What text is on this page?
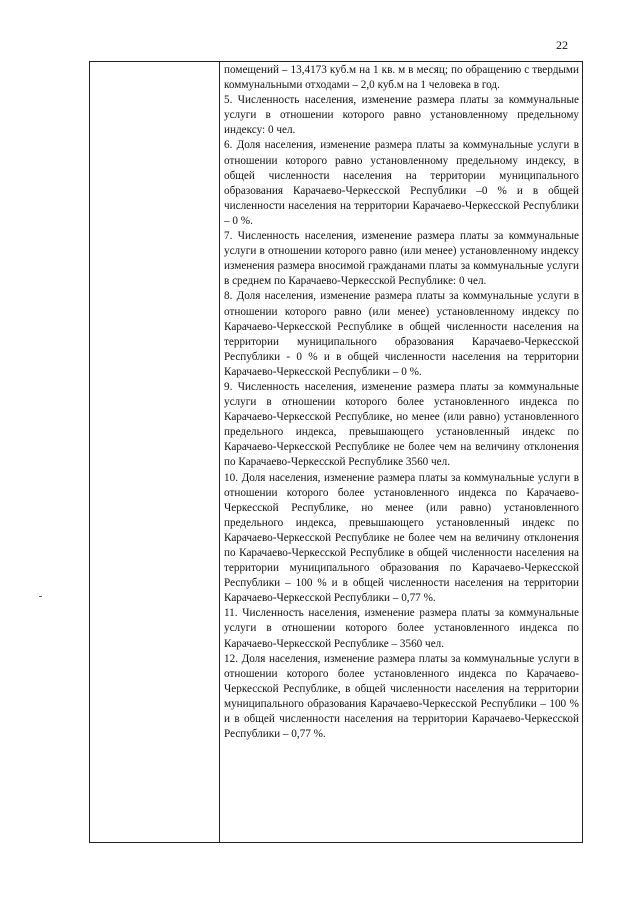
22

помещений – 13,4173 куб.м на 1 кв. м в месяц; по обращению с твердыми коммунальными отходами – 2,0 куб.м на 1 человека в год.

5. Численность населения, изменение размера платы за коммунальные услуги в отношении которого равно установленному предельному индексу: 0 чел.

6. Доля населения, изменение размера платы за коммунальные услуги в отношении которого равно установленному предельному индексу, в общей численности населения на территории муниципального образования Карачаево-Черкесской Республики –0 % и в общей численности населения на территории Карачаево-Черкесской Республики – 0 %.

7. Численность населения, изменение размера платы за коммунальные услуги в отношении которого равно (или менее) установленному индексу изменения размера вносимой гражданами платы за коммунальные услуги в среднем по Карачаево-Черкесской Республике: 0 чел.

8. Доля населения, изменение размера платы за коммунальные услуги в отношении которого равно (или менее) установленному индексу по Карачаево-Черкесской Республике в общей численности населения на территории муниципального образования Карачаево-Черкесской Республики - 0 % и в общей численности населения на территории Карачаево-Черкесской Республики – 0 %.

9. Численность населения, изменение размера платы за коммунальные услуги в отношении которого более установленного индекса по Карачаево-Черкесской Республике, но менее (или равно) установленного предельного индекса, превышающего установленный индекс по Карачаево-Черкесской Республике не более чем на величину отклонения по Карачаево-Черкесской Республике 3560 чел.

10. Доля населения, изменение размера платы за коммунальные услуги в отношении которого более установленного индекса по Карачаево-Черкесской Республике, но менее (или равно) установленного предельного индекса, превышающего установленный индекс по Карачаево-Черкесской Республике не более чем на величину отклонения по Карачаево-Черкесской Республике в общей численности населения на территории муниципального образования по Карачаево-Черкесской Республики – 100 % и в общей численности населения на территории Карачаево-Черкесской Республики – 0,77 %.

11. Численность населения, изменение размера платы за коммунальные услуги в отношении которого более установленного индекса по Карачаево-Черкесской Республике – 3560 чел.

12. Доля населения, изменение размера платы за коммунальные услуги в отношении которого более установленного индекса по Карачаево-Черкесской Республике, в общей численности населения на территории муниципального образования Карачаево-Черкесской Республики – 100 % и в общей численности населения на территории Карачаево-Черкесской Республики – 0,77 %.
